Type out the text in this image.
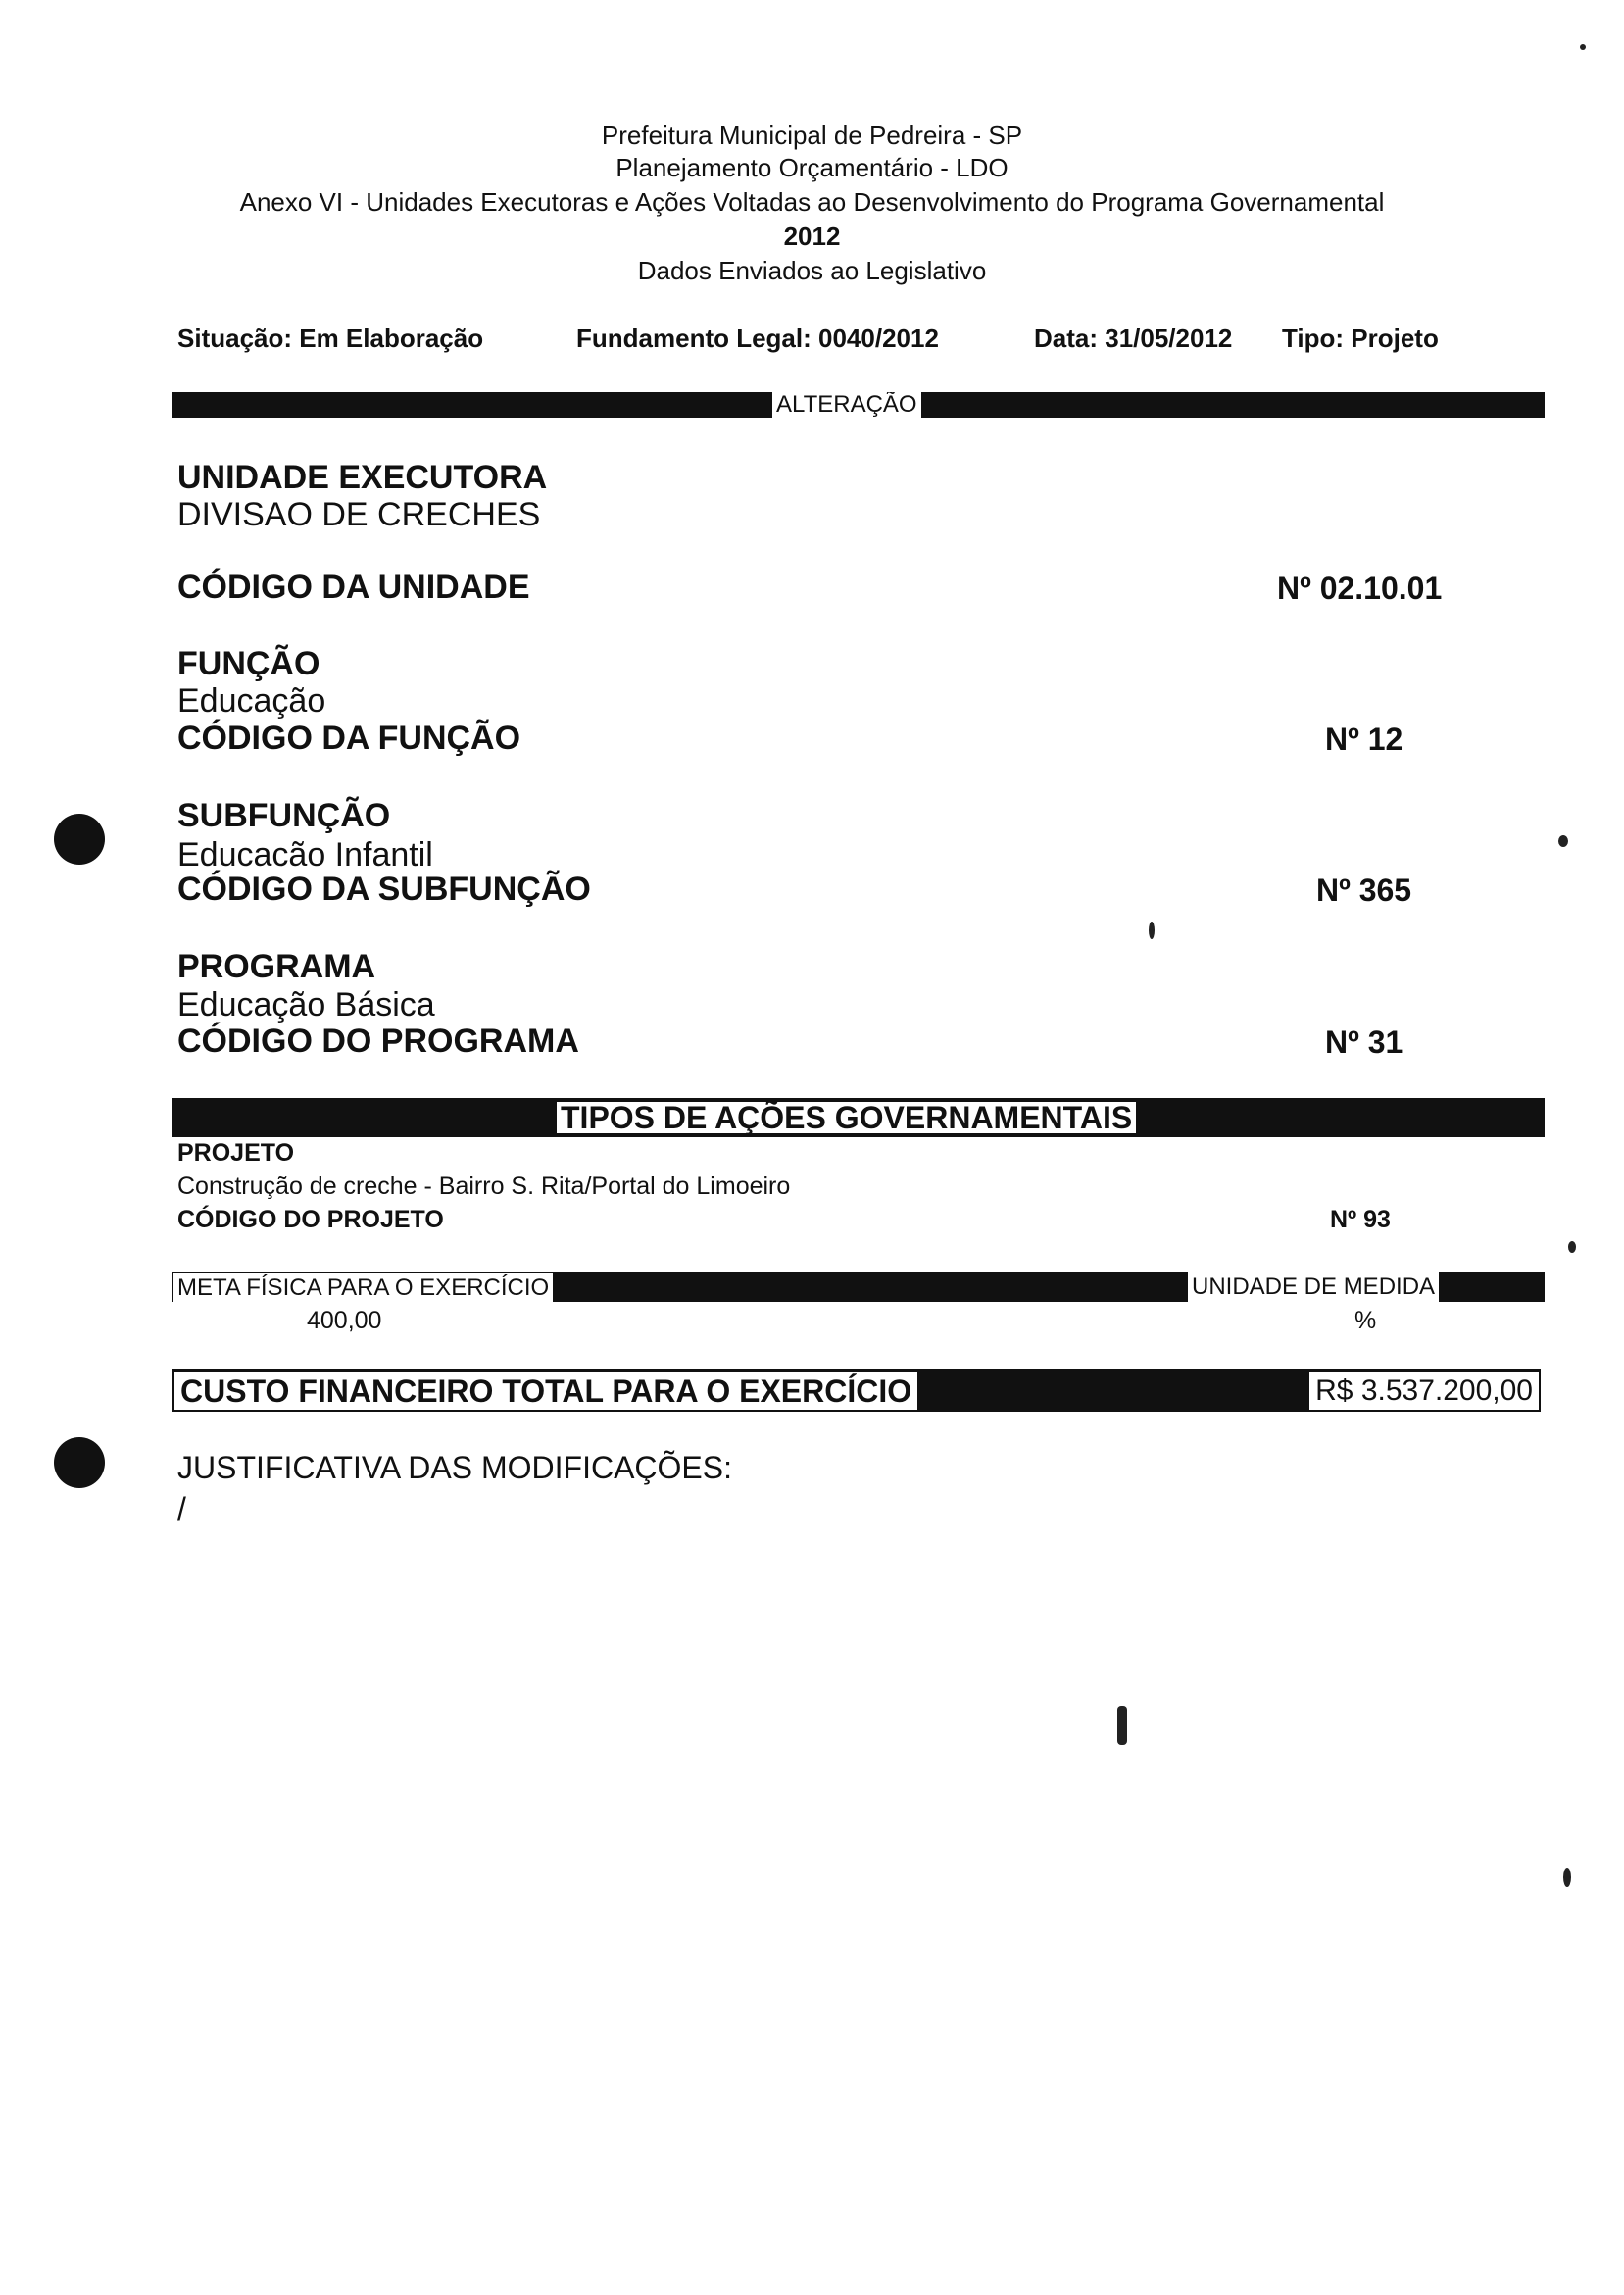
Prefeitura Municipal de Pedreira - SP
Planejamento Orçamentário - LDO
Anexo VI - Unidades Executoras e Ações Voltadas ao Desenvolvimento do Programa Governamental
2012
Dados Enviados ao Legislativo
Situação: Em Elaboração	Fundamento Legal: 0040/2012	Data: 31/05/2012 Tipo: Projeto
ALTERAÇÃO
UNIDADE EXECUTORA
DIVISAO DE CRECHES
CÓDIGO DA UNIDADE	Nº 02.10.01
FUNÇÃO
Educação
CÓDIGO DA FUNÇÃO	Nº 12
SUBFUNÇÃO
Educacão Infantil
CÓDIGO DA SUBFUNÇÃO	Nº 365
PROGRAMA
Educação Básica
CÓDIGO DO PROGRAMA	Nº 31
TIPOS DE AÇÕES GOVERNAMENTAIS
PROJETO
Construção de creche - Bairro S. Rita/Portal do Limoeiro
CÓDIGO DO PROJETO	Nº 93
META FÍSICA PARA O EXERCÍCIO	UNIDADE DE MEDIDA
400,00	%
CUSTO FINANCEIRO TOTAL PARA O EXERCÍCIO	R$ 3.537.200,00
JUSTIFICATIVA DAS MODIFICAÇÕES:
/
